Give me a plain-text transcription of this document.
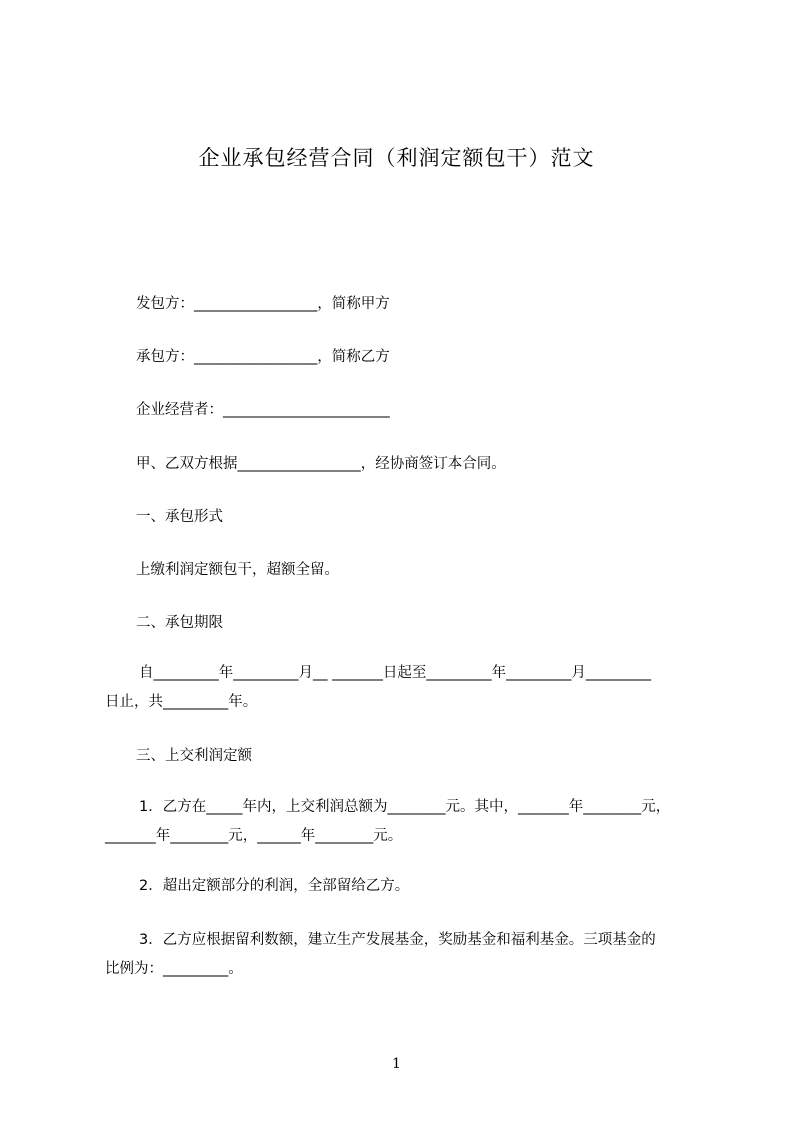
企业承包经营合同（利润定额包干）范文
发包方：_________________，简称甲方
承包方：_________________，简称乙方
企业经营者：_______________________
甲、乙双方根据_________________，经协商签订本合同。
一、承包形式
上缴利润定额包干，超额全留。
二、承包期限
自_________年_________月__ _______日起至_________年_________月_________
日止，共_________年。
三、上交利润定额
1．乙方在_____年内，上交利润总额为________元。其中，_______年________元，
_______年________元，______年________元。
2．超出定额部分的利润，全部留给乙方。
3．乙方应根据留利数额，建立生产发展基金，奖励基金和福利基金。三项基金的
比例为：_________。
1
